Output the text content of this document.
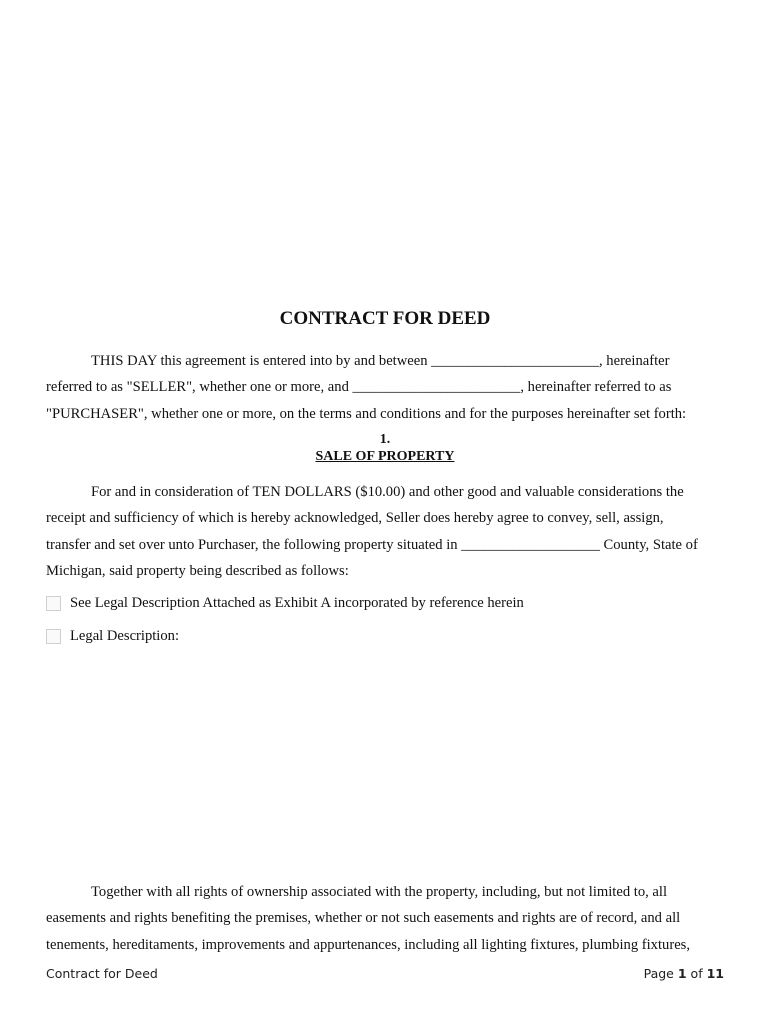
CONTRACT FOR DEED
THIS DAY this agreement is entered into by and between _______________________, hereinafter
referred to as "SELLER", whether one or more, and _______________________, hereinafter referred to as
"PURCHASER", whether one or more, on the terms and conditions and for the purposes hereinafter set forth:
1.
SALE OF PROPERTY
For and in consideration of TEN DOLLARS ($10.00) and other good and valuable considerations the
receipt and sufficiency of which is hereby acknowledged, Seller does hereby agree to convey, sell, assign,
transfer and set over unto Purchaser, the following property situated in ___________________ County, State of
Michigan, said property being described as follows:
See Legal Description Attached as Exhibit A incorporated by reference herein
Legal Description:
Together with all rights of ownership associated with the property, including, but not limited to, all
easements and rights benefiting the premises, whether or not such easements and rights are of record, and all
tenements, hereditaments, improvements and appurtenances, including all lighting fixtures, plumbing fixtures,
Contract for Deed	Page 1 of 11
